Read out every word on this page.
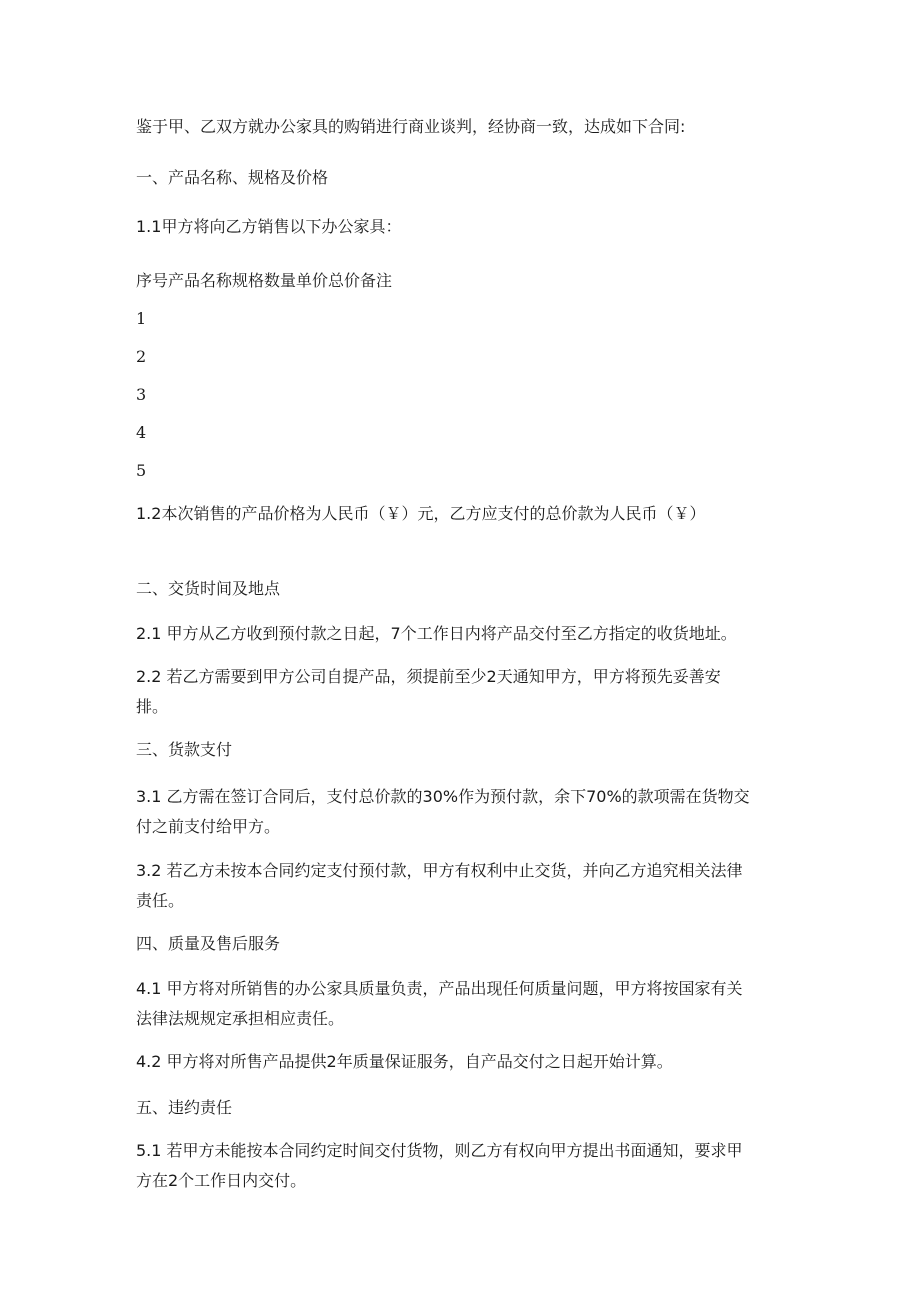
鉴于甲、乙双方就办公家具的购销进行商业谈判，经协商一致，达成如下合同:
一、产品名称、规格及价格
1.1甲方将向乙方销售以下办公家具：
序号产品名称规格数量单价总价备注
1
2
3
4
5
1.2本次销售的产品价格为人民币（￥）元，乙方应支付的总价款为人民币（￥）
二、交货时间及地点
2.1 甲方从乙方收到预付款之日起，7个工作日内将产品交付至乙方指定的收货地址。
2.2 若乙方需要到甲方公司自提产品，须提前至少2天通知甲方，甲方将预先妥善安
排。
三、货款支付
3.1 乙方需在签订合同后，支付总价款的30%作为预付款，余下70%的款项需在货物交
付之前支付给甲方。
3.2 若乙方未按本合同约定支付预付款，甲方有权利中止交货，并向乙方追究相关法律
责任。
四、质量及售后服务
4.1 甲方将对所销售的办公家具质量负责，产品出现任何质量问题，甲方将按国家有关
法律法规规定承担相应责任。
4.2 甲方将对所售产品提供2年质量保证服务，自产品交付之日起开始计算。
五、违约责任
5.1 若甲方未能按本合同约定时间交付货物，则乙方有权向甲方提出书面通知，要求甲
方在2个工作日内交付。
